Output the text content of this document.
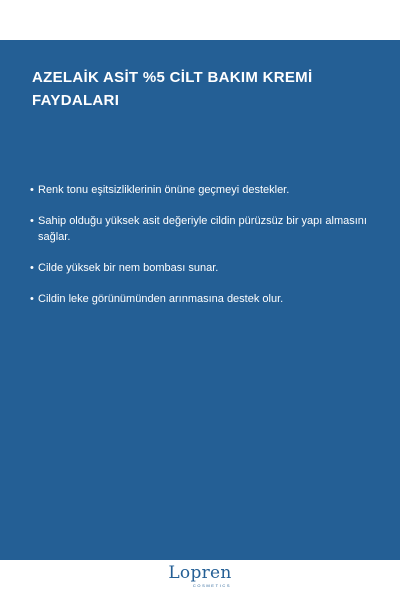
AZELAİK ASİT %5 CİLT BAKIM KREMİ FAYDALARI
• Renk tonu eşitsizliklerinin önüne geçmeyi destekler.
• Sahip olduğu yüksek asit değeriyle cildin pürüzsüz bir yapı almasını sağlar.
• Cilde yüksek bir nem bombası sunar.
• Cildin leke görünümünden arınmasına destek olur.
Lopren
COSMETICS
